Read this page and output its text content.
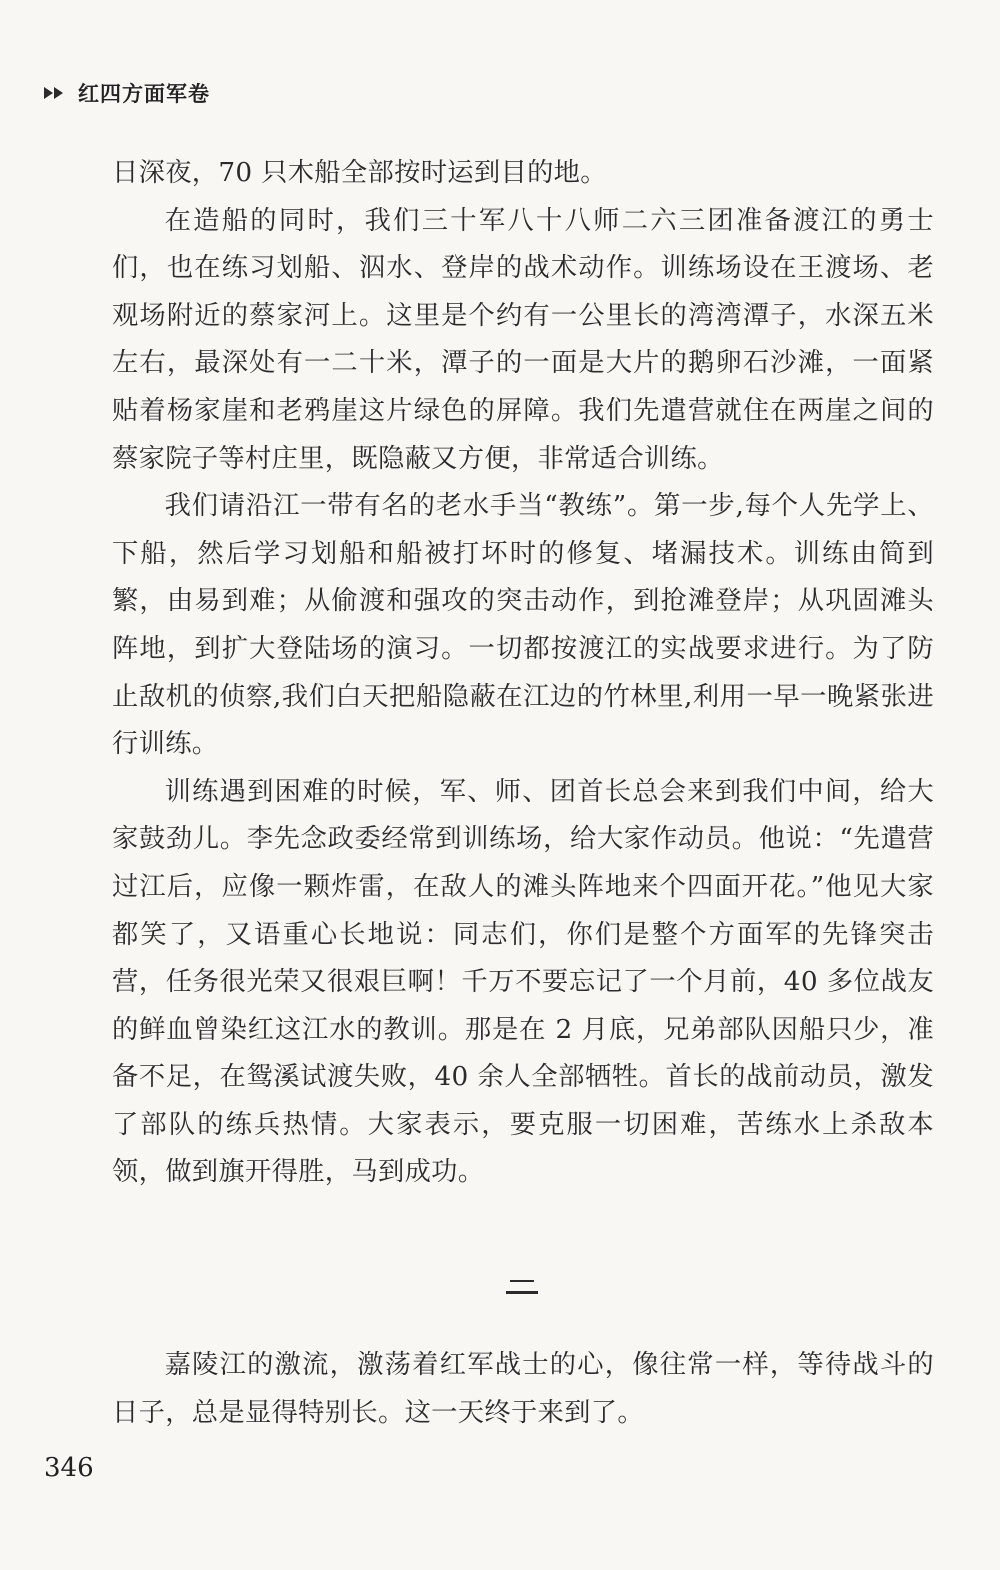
红四方面军卷

日深夜，70 只木船全部按时运到目的地。

在造船的同时，我们三十军八十八师二六三团准备渡江的勇士们，也在练习划船、泅水、登岸的战术动作。训练场设在王渡场、老观场附近的蔡家河上。这里是个约有一公里长的湾湾潭子，水深五米左右，最深处有一二十米，潭子的一面是大片的鹅卵石沙滩，一面紧贴着杨家崖和老鸦崖这片绿色的屏障。我们先遣营就住在两崖之间的蔡家院子等村庄里，既隐蔽又方便，非常适合训练。

我们请沿江一带有名的老水手当“教练”。第一步,每个人先学上、下船，然后学习划船和船被打坏时的修复、堵漏技术。训练由简到繁，由易到难；从偷渡和强攻的突击动作，到抢滩登岸；从巩固滩头阵地，到扩大登陆场的演习。一切都按渡江的实战要求进行。为了防止敌机的侦察,我们白天把船隐蔽在江边的竹林里,利用一早一晚紧张进行训练。

训练遇到困难的时候，军、师、团首长总会来到我们中间，给大家鼓劲儿。李先念政委经常到训练场，给大家作动员。他说：“先遣营过江后，应像一颗炸雷，在敌人的滩头阵地来个四面开花。”他见大家都笑了，又语重心长地说：同志们，你们是整个方面军的先锋突击营，任务很光荣又很艰巨啊！千万不要忘记了一个月前，40 多位战友的鲜血曾染红这江水的教训。那是在 2 月底，兄弟部队因船只少，准备不足，在鸳溪试渡失败，40 余人全部牺牲。首长的战前动员，激发了部队的练兵热情。大家表示，要克服一切困难，苦练水上杀敌本领，做到旗开得胜，马到成功。

嘉陵江的激流，激荡着红军战士的心，像往常一样，等待战斗的日子，总是显得特别长。这一天终于来到了。

346
